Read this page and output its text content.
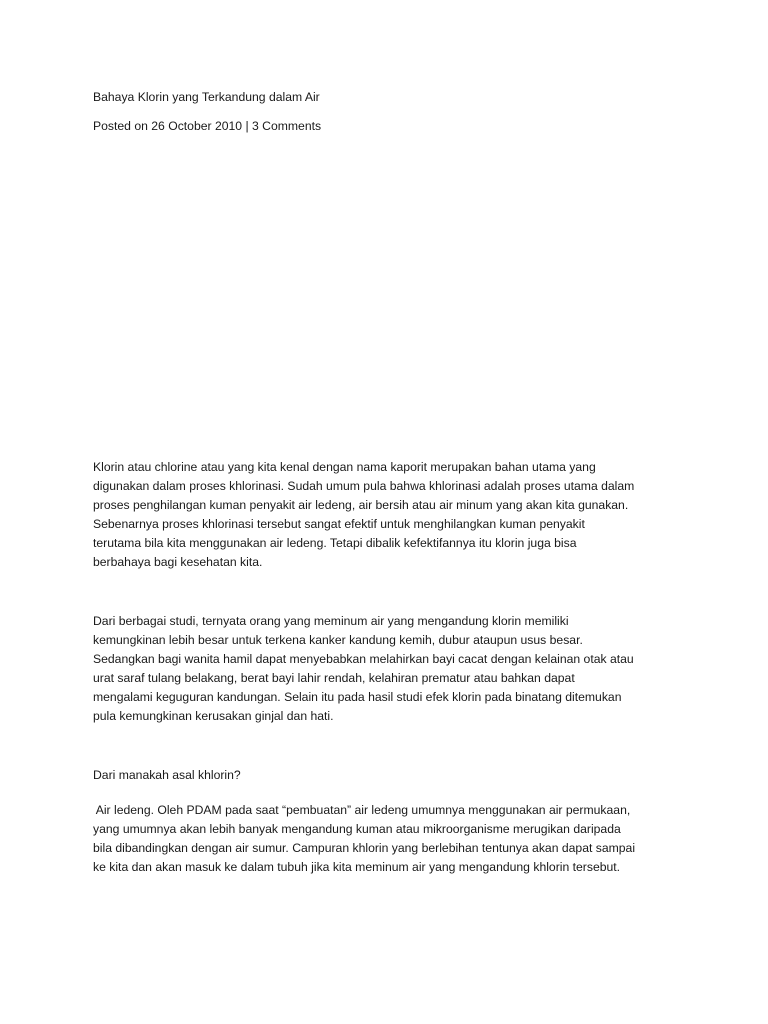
Bahaya Klorin yang Terkandung dalam Air
Posted on 26 October 2010 | 3 Comments
Klorin atau chlorine atau yang kita kenal dengan nama kaporit merupakan bahan utama yang
digunakan dalam proses khlorinasi. Sudah umum pula bahwa khlorinasi adalah proses utama dalam
proses penghilangan kuman penyakit air ledeng, air bersih atau air minum yang akan kita gunakan.
Sebenarnya proses khlorinasi tersebut sangat efektif untuk menghilangkan kuman penyakit
terutama bila kita menggunakan air ledeng. Tetapi dibalik kefektifannya itu klorin juga bisa
berbahaya bagi kesehatan kita.
Dari berbagai studi, ternyata orang yang meminum air yang mengandung klorin memiliki
kemungkinan lebih besar untuk terkena kanker kandung kemih, dubur ataupun usus besar.
Sedangkan bagi wanita hamil dapat menyebabkan melahirkan bayi cacat dengan kelainan otak atau
urat saraf tulang belakang, berat bayi lahir rendah, kelahiran prematur atau bahkan dapat
mengalami keguguran kandungan. Selain itu pada hasil studi efek klorin pada binatang ditemukan
pula kemungkinan kerusakan ginjal dan hati.
Dari manakah asal khlorin?
Air ledeng. Oleh PDAM pada saat “pembuatan” air ledeng umumnya menggunakan air permukaan,
yang umumnya akan lebih banyak mengandung kuman atau mikroorganisme merugikan daripada
bila dibandingkan dengan air sumur. Campuran khlorin yang berlebihan tentunya akan dapat sampai
ke kita dan akan masuk ke dalam tubuh jika kita meminum air yang mengandung khlorin tersebut.
